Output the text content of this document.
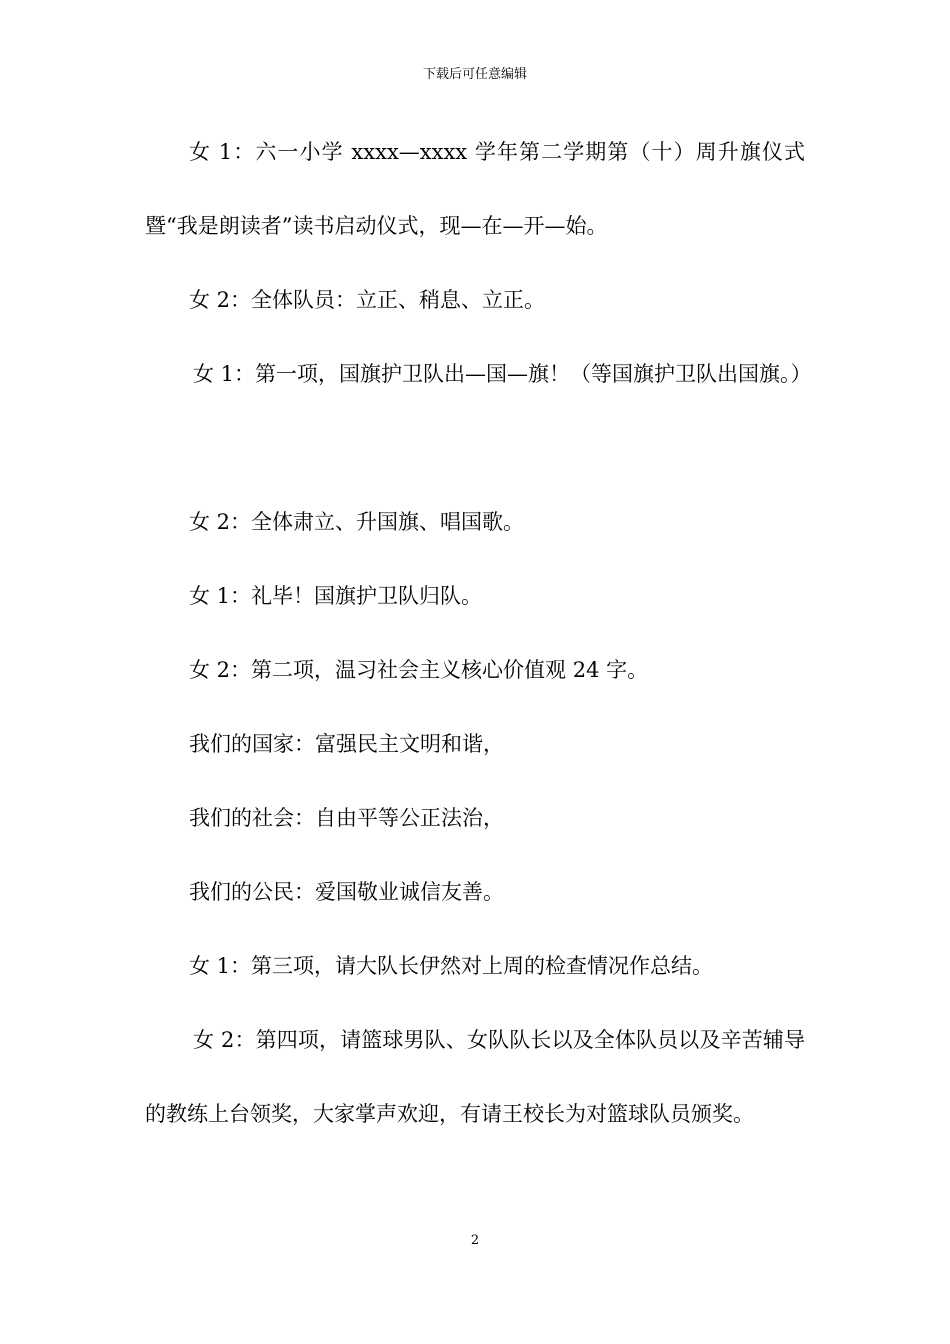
下载后可任意编辑

女 1：六一小学 xxxx—xxxx 学年第二学期第（十）周升旗仪式暨“我是朗读者”读书启动仪式，现—在—开—始。

女 2：全体队员：立正、稍息、立正。

女 1：第一项，国旗护卫队出—国—旗！（等国旗护卫队出国旗。）

女 2：全体肃立、升国旗、唱国歌。

女 1：礼毕！国旗护卫队归队。

女 2：第二项，温习社会主义核心价值观 24 字。

我们的国家：富强民主文明和谐，

我们的社会：自由平等公正法治，

我们的公民：爱国敬业诚信友善。

女 1：第三项，请大队长伊然对上周的检查情况作总结。

女 2：第四项，请篮球男队、女队队长以及全体队员以及辛苦辅导的教练上台领奖，大家掌声欢迎，有请王校长为对篮球队员颁奖。

2
